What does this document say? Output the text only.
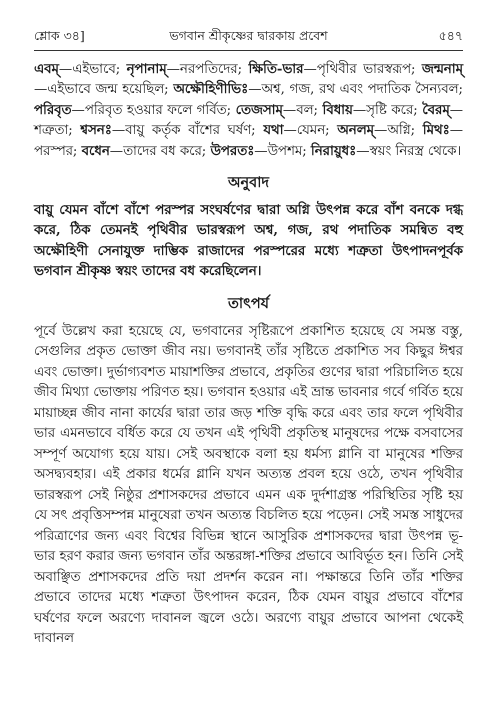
শ্লোক ৩৪]	ভগবান শ্রীকৃষ্ণের দ্বারকায় প্রবেশ	৫৪৭

এবম্—এইভাবে; নৃপানাম্—নরপতিদের; ক্ষিতি-ভার—পৃথিবীর ভারস্বরূপ; জন্মনাম্—এইভাবে জন্ম হয়েছিল; অক্ষৌহিণীভিঃ—অশ্ব, গজ, রথ এবং পদাতিক সৈন্যবল; পরিবৃত—পরিবৃত হওয়ার ফলে গর্বিত; তেজসাম্—বল; বিধায়—সৃষ্টি করে; বৈরম্—শত্রুতা; শ্বসনঃ—বায়ু কর্তৃক বাঁশের ঘর্ষণ; যথা—যেমন; অনলম্—অগ্নি; মিথঃ—পরস্পর; বধেন—তাদের বধ করে; উপরতঃ—উপশম; নিরায়ুধঃ—স্বয়ং নিরস্ত্র থেকে।

অনুবাদ

বায়ু যেমন বাঁশে বাঁশে পরস্পর সংঘর্ষণের দ্বারা অগ্নি উৎপন্ন করে বাঁশ বনকে দগ্ধ করে, ঠিক তেমনই পৃথিবীর ভারস্বরূপ অশ্ব, গজ, রথ পদাতিক সমন্বিত বহু অক্ষৌহিণী সেনাযুক্ত দাম্ভিক রাজাদের পরস্পরের মধ্যে শত্রুতা উৎপাদনপূর্বক ভগবান শ্রীকৃষ্ণ স্বয়ং তাদের বধ করেছিলেন।

তাৎপর্য

পূর্বে উল্লেখ করা হয়েছে যে, ভগবানের সৃষ্টিরূপে প্রকাশিত হয়েছে যে সমস্ত বস্তু, সেগুলির প্রকৃত ভোক্তা জীব নয়। ভগবানই তাঁর সৃষ্টিতে প্রকাশিত সব কিছুর ঈশ্বর এবং ভোক্তা। দুর্ভাগ্যবশত মায়াশক্তির প্রভাবে, প্রকৃতির গুণের দ্বারা পরিচালিত হয়ে জীব মিথ্যা ভোক্তায় পরিণত হয়। ভগবান হওয়ার এই ভ্রান্ত ভাবনার গর্বে গর্বিত হয়ে মায়াচ্ছন্ন জীব নানা কার্যের দ্বারা তার জড় শক্তি বৃদ্ধি করে এবং তার ফলে পৃথিবীর ভার এমনভাবে বর্ধিত করে যে তখন এই পৃথিবী প্রকৃতিস্থ মানুষদের পক্ষে বসবাসের সম্পূর্ণ অযোগ্য হয়ে যায়। সেই অবস্থাকে বলা হয় ধর্মস্য গ্লানি বা মানুষের শক্তির অসদ্ব্যবহার। এই প্রকার ধর্মের গ্লানি যখন অত্যন্ত প্রবল হয়ে ওঠে, তখন পৃথিবীর ভারস্বরূপ সেই নিষ্ঠুর প্রশাসকদের প্রভাবে এমন এক দুর্দশাগ্রস্ত পরিস্থিতির সৃষ্টি হয় যে সৎ প্রবৃত্তিসম্পন্ন মানুষেরা তখন অত্যন্ত বিচলিত হয়ে পড়েন। সেই সমস্ত সাধুদের পরিত্রাণের জন্য এবং বিশ্বের বিভিন্ন স্থানে আসুরিক প্রশাসকদের দ্বারা উৎপন্ন ভূ-ভার হরণ করার জন্য ভগবান তাঁর অন্তরঙ্গা-শক্তির প্রভাবে আবির্ভূত হন। তিনি সেই অবাঞ্ছিত প্রশাসকদের প্রতি দয়া প্রদর্শন করেন না। পক্ষান্তরে তিনি তাঁর শক্তির প্রভাবে তাদের মধ্যে শত্রুতা উৎপাদন করেন, ঠিক যেমন বায়ুর প্রভাবে বাঁশের ঘর্ষণের ফলে অরণ্যে দাবানল জ্বলে ওঠে। অরণ্যে বায়ুর প্রভাবে আপনা থেকেই দাবানল
